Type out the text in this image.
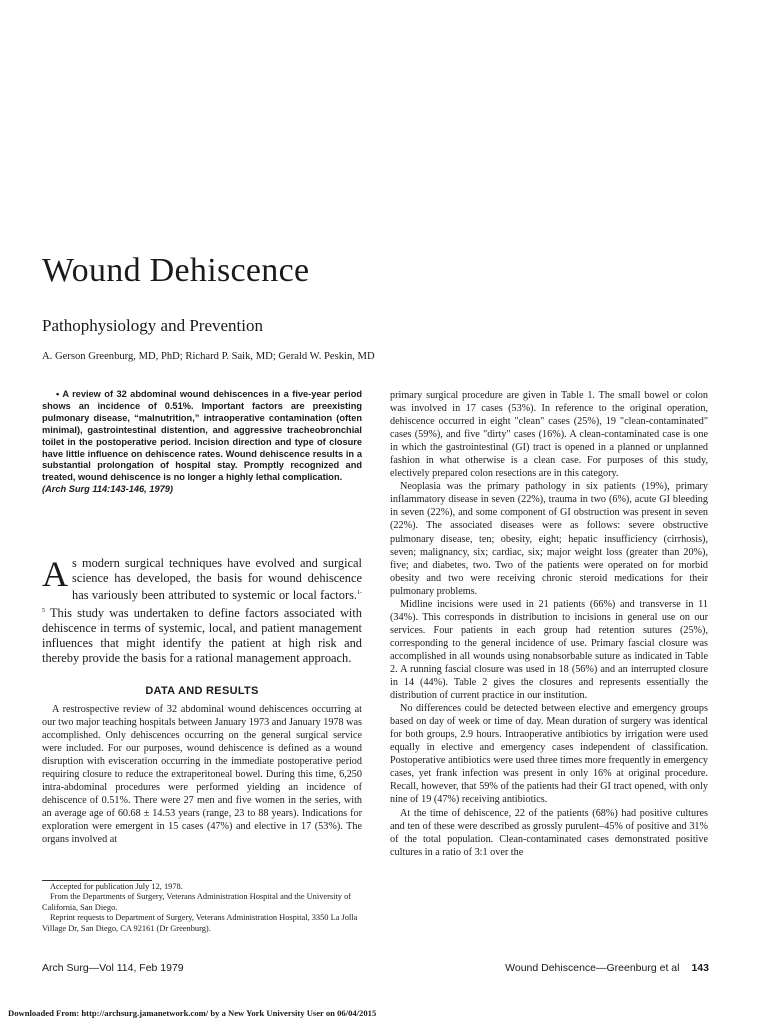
Wound Dehiscence
Pathophysiology and Prevention
A. Gerson Greenburg, MD, PhD; Richard P. Saik, MD; Gerald W. Peskin, MD
• A review of 32 abdominal wound dehiscences in a five-year period shows an incidence of 0.51%. Important factors are preexisting pulmonary disease, “malnutrition,” intraoperative contamination (often minimal), gastrointestinal distention, and aggressive tracheobronchial toilet in the postoperative period. Incision direction and type of closure have little influence on dehiscence rates. Wound dehiscence results in a substantial prolongation of hospital stay. Promptly recognized and treated, wound dehiscence is no longer a highly lethal complication.
(Arch Surg 114:143-146, 1979)
As modern surgical techniques have evolved and surgical science has developed, the basis for wound dehiscence has variously been attributed to systemic or local factors.$^{1-5}$ This study was undertaken to define factors associated with dehiscence in terms of systemic, local, and patient management influences that might identify the patient at high risk and thereby provide the basis for a rational management approach.
DATA AND RESULTS

A restrospective review of 32 abdominal wound dehiscences occurring at our two major teaching hospitals between January 1973 and January 1978 was accomplished. Only dehiscences occurring on the general surgical service were included. For our purposes, wound dehiscence is defined as a wound disruption with evisceration occurring in the immediate postoperative period requiring closure to reduce the extraperitoneal bowel. During this time, 6,250 intra-abdominal procedures were performed yielding an incidence of dehiscence of 0.51%. There were 27 men and five women in the series, with an average age of 60.68 ± 14.53 years (range, 23 to 88 years). Indications for exploration were emergent in 15 cases (47%) and elective in 17 (53%). The organs involved at

primary surgical procedure are given in Table 1. The small bowel or colon was involved in 17 cases (53%). In reference to the original operation, dehiscence occurred in eight "clean" cases (25%), 19 "clean-contaminated" cases (59%), and five "dirty" cases (16%). A clean-contaminated case is one in which the gastrointestinal (GI) tract is opened in a planned or unplanned fashion in what otherwise is a clean case. For purposes of this study, electively prepared colon resections are in this category.

Neoplasia was the primary pathology in six patients (19%), primary inflammatory disease in seven (22%), trauma in two (6%), acute GI bleeding in seven (22%), and some component of GI obstruction was present in seven (22%). The associated diseases were as follows: severe obstructive pulmonary disease, ten; obesity, eight; hepatic insufficiency (cirrhosis), seven; malignancy, six; cardiac, six; major weight loss (greater than 20%), five; and diabetes, two. Two of the patients were operated on for morbid obesity and two were receiving chronic steroid medications for their pulmonary problems.

Midline incisions were used in 21 patients (66%) and transverse in 11 (34%). This corresponds in distribution to incisions in general use on our services. Four patients in each group had retention sutures (25%), corresponding to the general incidence of use. Primary fascial closure was accomplished in all wounds using nonabsorbable suture as indicated in Table 2. A running fascial closure was used in 18 (56%) and an interrupted closure in 14 (44%). Table 2 gives the closures and represents essentially the distribution of current practice in our institution.

No differences could be detected between elective and emergency groups based on day of week or time of day. Mean duration of surgery was identical for both groups, 2.9 hours. Intraoperative antibiotics by irrigation were used equally in elective and emergency cases independent of classification. Postoperative antibiotics were used three times more frequently in emergency cases, yet frank infection was present in only 16% at original procedure. Recall, however, that 59% of the patients had their GI tract opened, with only nine of 19 (47%) receiving antibiotics.

At the time of dehiscence, 22 of the patients (68%) had positive cultures and ten of these were described as grossly purulent–45% of positive and 31% of the total population. Clean-contaminated cases demonstrated positive cultures in a ratio of 3:1 over the

Accepted for publication July 12, 1978.

From the Departments of Surgery, Veterans Administration Hospital and the University of California, San Diego.

Reprint requests to Department of Surgery, Veterans Administration Hospital, 3350 La Jolla Village Dr, San Diego, CA 92161 (Dr Greenburg).

Arch Surg—Vol 114, Feb 1979	Wound Dehiscence—Greenburg et al 143
Downloaded From: http://archsurg.jamanetwork.com/ by a New York University User on 06/04/2015
